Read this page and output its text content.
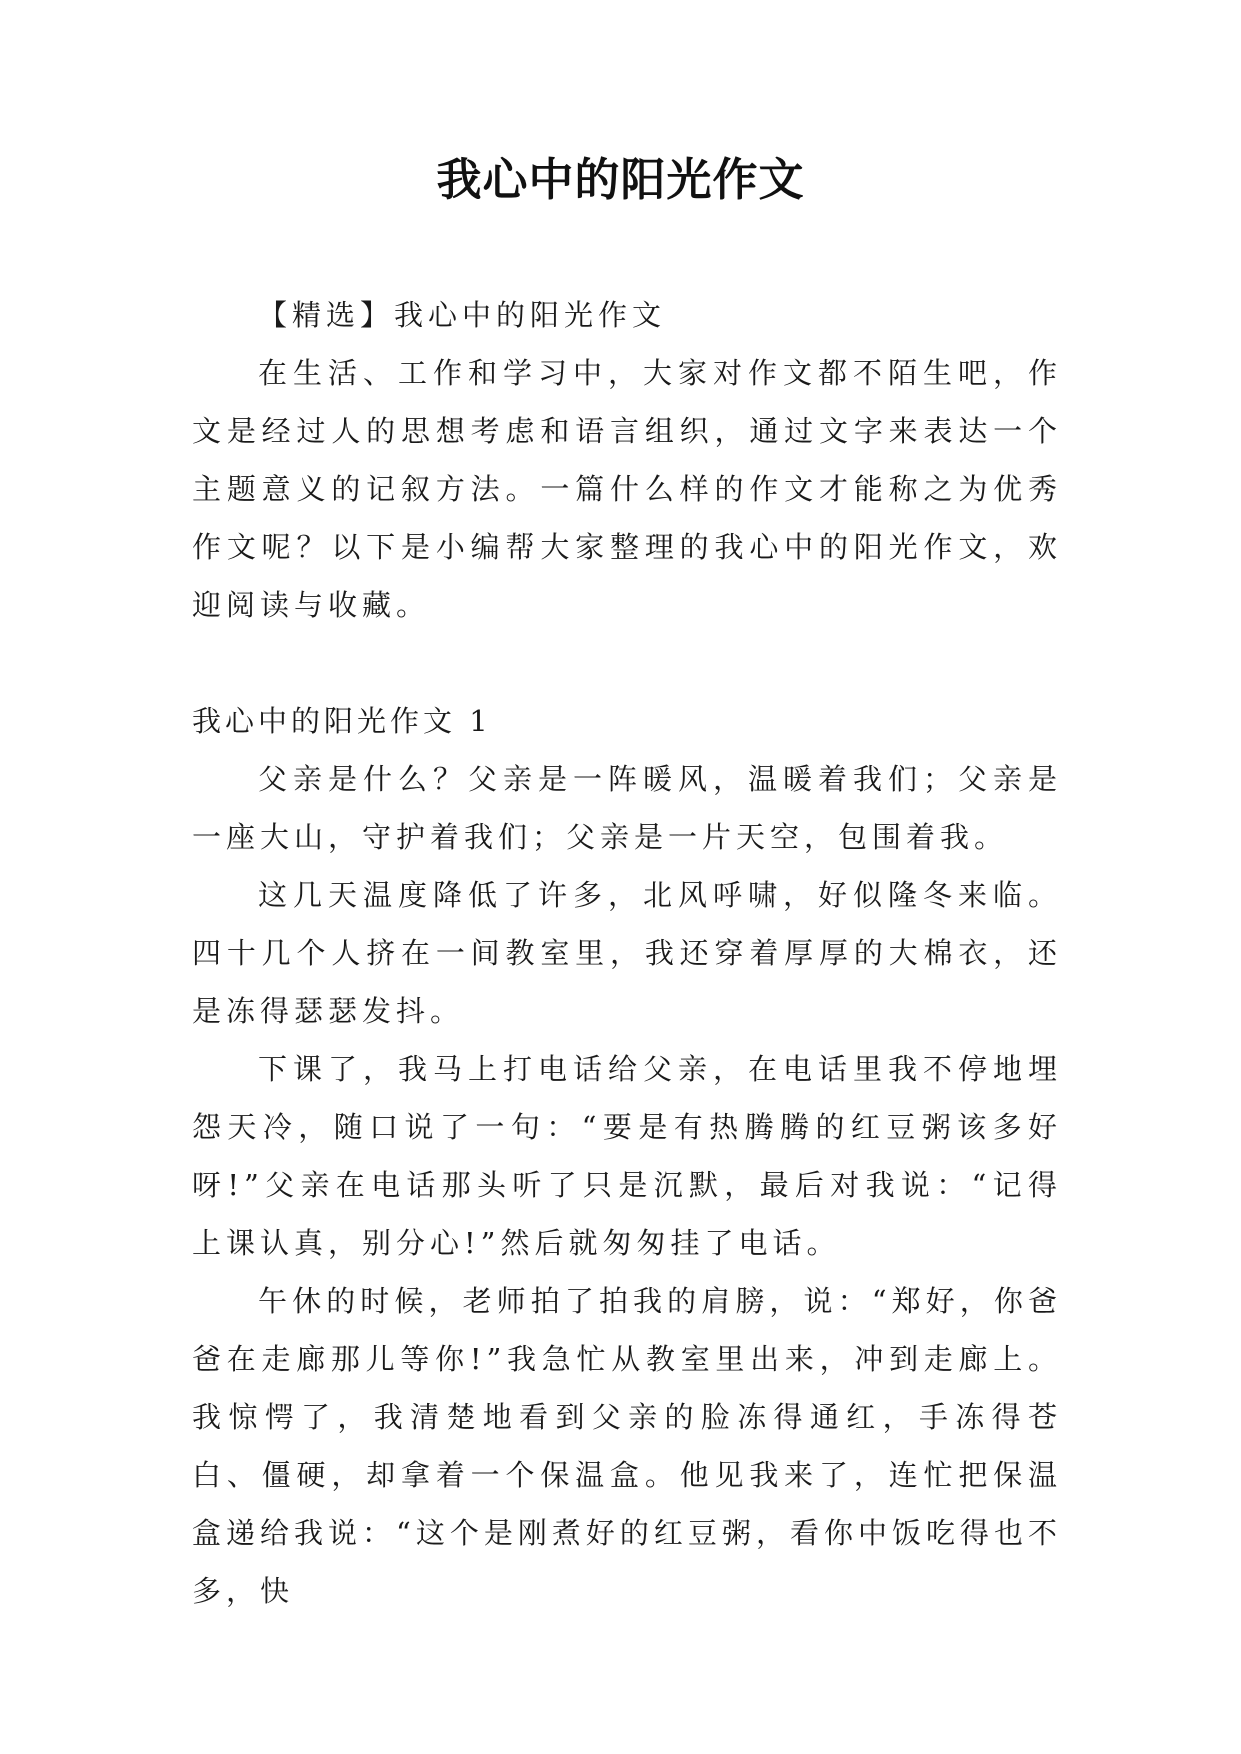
我心中的阳光作文

【精选】我心中的阳光作文

在生活、工作和学习中，大家对作文都不陌生吧，作文是经过人的思想考虑和语言组织，通过文字来表达一个主题意义的记叙方法。一篇什么样的作文才能称之为优秀作文呢？以下是小编帮大家整理的我心中的阳光作文，欢迎阅读与收藏。

我心中的阳光作文 1

父亲是什么？父亲是一阵暖风，温暖着我们；父亲是一座大山，守护着我们；父亲是一片天空，包围着我。

这几天温度降低了许多，北风呼啸，好似隆冬来临。四十几个人挤在一间教室里，我还穿着厚厚的大棉衣，还是冻得瑟瑟发抖。

下课了，我马上打电话给父亲，在电话里我不停地埋怨天冷，随口说了一句：“要是有热腾腾的红豆粥该多好呀!”父亲在电话那头听了只是沉默，最后对我说：“记得上课认真，别分心!”然后就匆匆挂了电话。

午休的时候，老师拍了拍我的肩膀，说：“郑好，你爸爸在走廊那儿等你!”我急忙从教室里出来，冲到走廊上。我惊愕了，我清楚地看到父亲的脸冻得通红，手冻得苍白、僵硬，却拿着一个保温盒。他见我来了，连忙把保温盒递给我说：“这个是刚煮好的红豆粥，看你中饭吃得也不多，快
